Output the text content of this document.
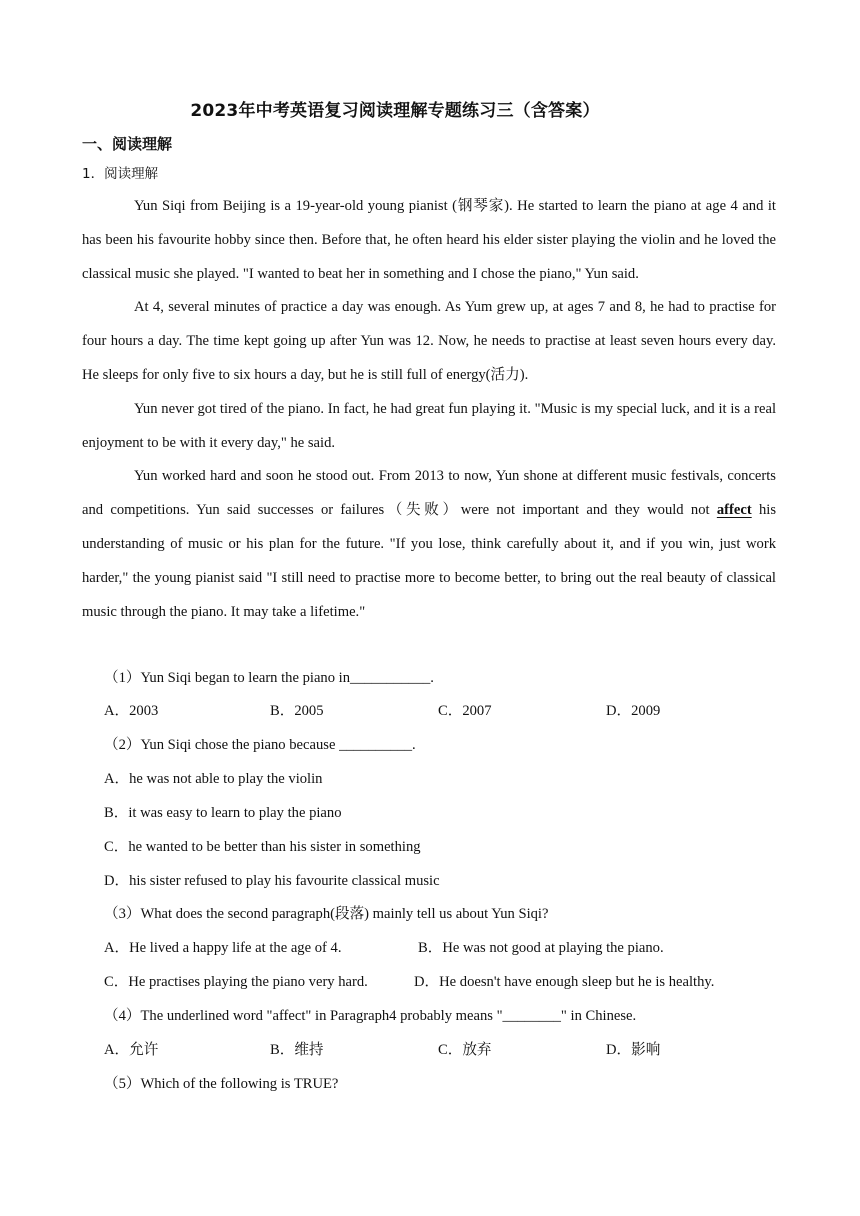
2023年中考英语复习阅读理解专题练习三（含答案）
一、阅读理解
1．阅读理解

Yun Siqi from Beijing is a 19-year-old young pianist (钢琴家). He started to learn the piano at age 4 and it has been his favourite hobby since then. Before that, he often heard his elder sister playing the violin and he loved the classical music she played. "I wanted to beat her in something and I chose the piano," Yun said.

At 4, several minutes of practice a day was enough. As Yum grew up, at ages 7 and 8, he had to practise for four hours a day. The time kept going up after Yun was 12. Now, he needs to practise at least seven hours every day. He sleeps for only five to six hours a day, but he is still full of energy(活力).

Yun never got tired of the piano. In fact, he had great fun playing it. "Music is my special luck, and it is a real enjoyment to be with it every day," he said.

Yun worked hard and soon he stood out. From 2013 to now, Yun shone at different music festivals, concerts and competitions. Yun said successes or failures（失败）were not important and they would not affect his understanding of music or his plan for the future. "If you lose, think carefully about it, and if you win, just work harder," the young pianist said "I still need to practise more to become better, to bring out the real beauty of classical music through the piano. It may take a lifetime."

（1）Yun Siqi began to learn the piano in___________.
A．2003	B．2005	C．2007	D．2009
（2）Yun Siqi chose the piano because __________.
A．he was not able to play the violin
B．it was easy to learn to play the piano
C．he wanted to be better than his sister in something
D．his sister refused to play his favourite classical music
（3）What does the second paragraph(段落) mainly tell us about Yun Siqi?
A．He lived a happy life at the age of 4.	B．He was not good at playing the piano.
C．He practises playing the piano very hard.	D．He doesn't have enough sleep but he is healthy.
（4）The underlined word "affect" in Paragraph4 probably means "________" in Chinese.
A．允许	B．维持	C．放弃	D．影响
（5）Which of the following is TRUE?
